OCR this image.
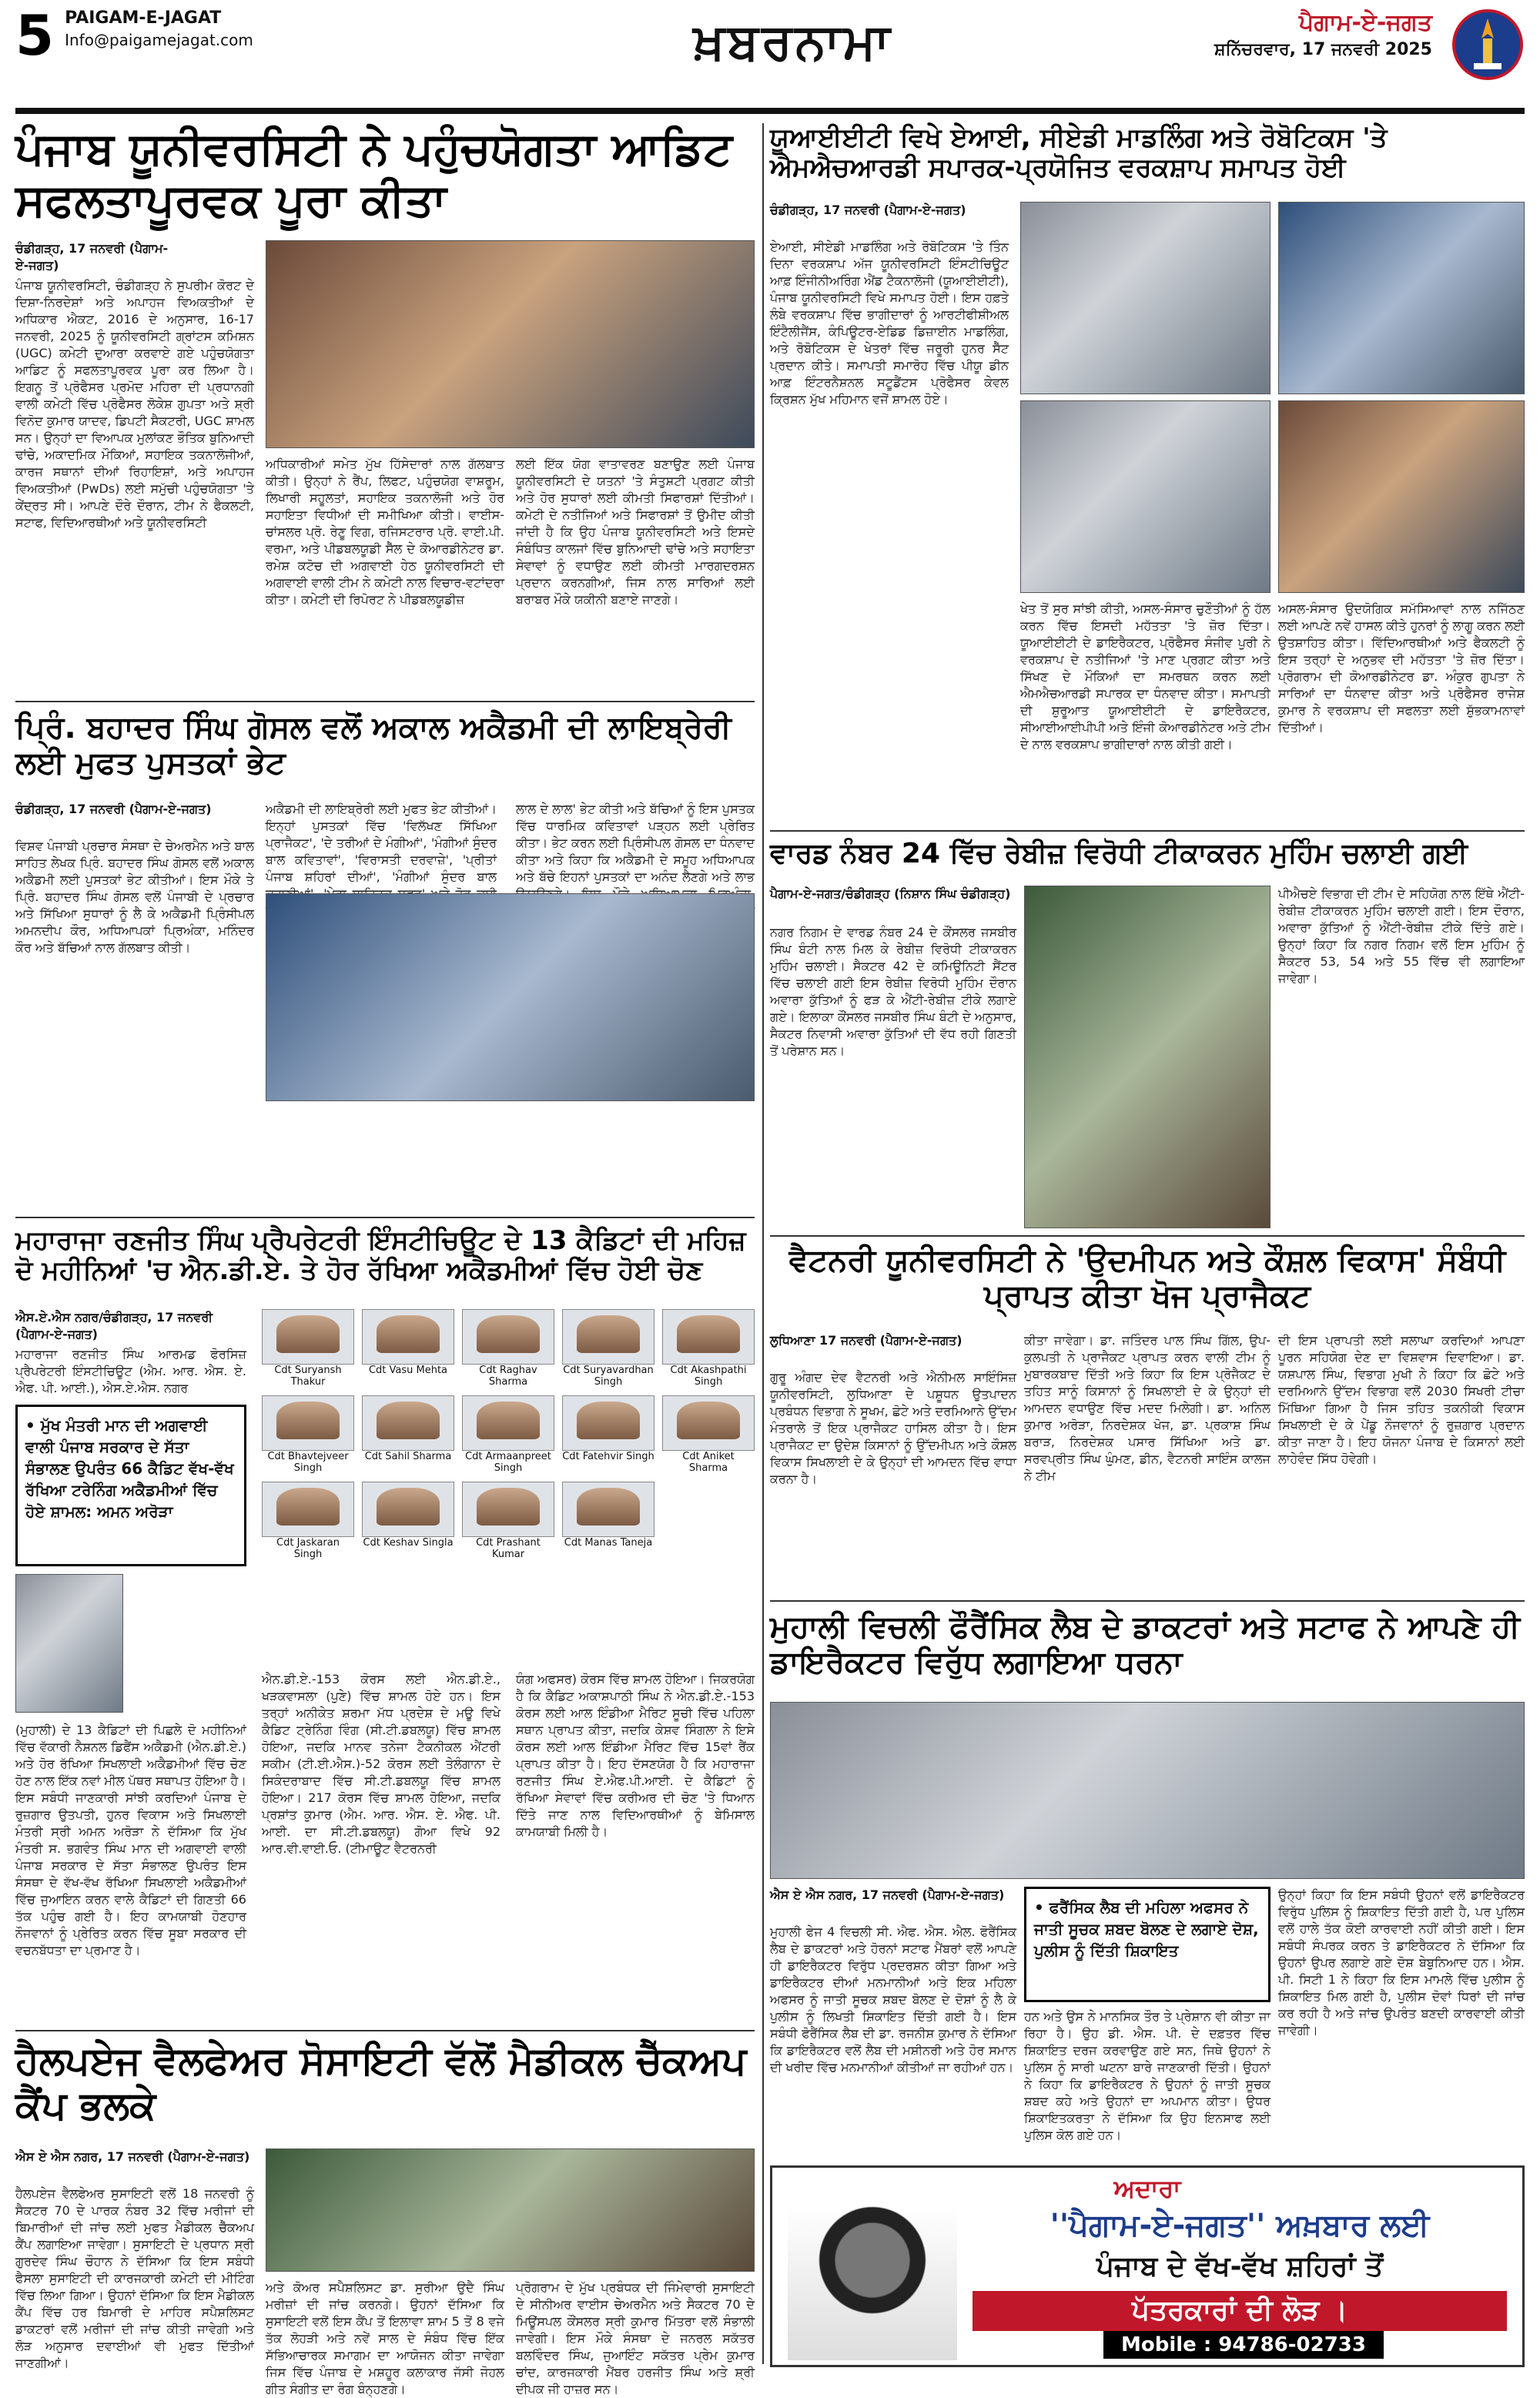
5 PAIGAM-E-JAGAT
Info@paigamejagat.com	ਖ਼ਬਰਨਾਮਾ	ਪੈਗਾਮ-ਏ-ਜਗਤ
ਸ਼ਨਿੱਚਰਵਾਰ, 17 ਜਨਵਰੀ 2025
ਪੰਜਾਬ ਯੂਨੀਵਰਸਿਟੀ ਨੇ ਪਹੁੰਚਯੋਗਤਾ ਆਡਿਟ ਸਫਲਤਾਪੂਰਵਕ ਪੂਰਾ ਕੀਤਾ
ਚੰਡੀਗੜ੍ਹ, 17 ਜਨਵਰੀ (ਪੈਗਾਮ-ਏ-ਜਗਤ)
ਪੰਜਾਬ ਯੂਨੀਵਰਸਿਟੀ, ਚੰਡੀਗੜ੍ਹ ਨੇ ਸੁਪਰੀਮ ਕੋਰਟ ਦੇ ਦਿਸ਼ਾ-ਨਿਰਦੇਸ਼ਾਂ ਅਤੇ ਅਪਾਹਜ ਵਿਅਕਤੀਆਂ ਦੇ ਅਧਿਕਾਰ ਐਕਟ, 2016 ਦੇ ਅਨੁਸਾਰ, 16-17 ਜਨਵਰੀ, 2025 ਨੂੰ ਯੂਨੀਵਰਸਿਟੀ ਗ੍ਰਾਂਟਸ ਕਮਿਸ਼ਨ (UGC) ਕਮੇਟੀ ਦੁਆਰਾ ਕਰਵਾਏ ਗਏ ਪਹੁੰਚਯੋਗਤਾ ਆਡਿਟ ਨੂੰ ਸਫਲਤਾਪੂਰਵਕ ਪੂਰਾ ਕਰ ਲਿਆ ਹੈ। ਇਗਨੂ ਤੋਂ ਪ੍ਰੋਫੈਸਰ ਪ੍ਰਮੋਦ ਮਹਿਰਾ ਦੀ ਪ੍ਰਧਾਨਗੀ ਵਾਲੀ ਕਮੇਟੀ ਵਿੱਚ ਪ੍ਰੋਫੈਸਰ ਲੋਕੇਸ਼ ਗੁਪਤਾ ਅਤੇ ਸ਼੍ਰੀ ਵਿਨੋਦ ਕੁਮਾਰ ਯਾਦਵ, ਡਿਪਟੀ ਸੈਕਟਰੀ, UGC ਸ਼ਾਮਲ ਸਨ। ਉਨ੍ਹਾਂ ਦਾ ਵਿਆਪਕ ਮੁਲਾਂਕਣ ਭੌਤਿਕ ਬੁਨਿਆਦੀ ਢਾਂਚੇ, ਅਕਾਦਮਿਕ ਮੌਕਿਆਂ, ਸਹਾਇਕ ਤਕਨਾਲੋਜੀਆਂ, ਕਾਰਜ ਸਥਾਨਾਂ ਦੀਆਂ ਰਿਹਾਇਸ਼ਾਂ, ਅਤੇ ਅਪਾਹਜ ਵਿਅਕਤੀਆਂ (PwDs) ਲਈ ਸਮੁੱਚੀ ਪਹੁੰਚਯੋਗਤਾ 'ਤੇ ਕੇਂਦ੍ਰਤ ਸੀ। ਆਪਣੇ ਦੌਰੇ ਦੌਰਾਨ, ਟੀਮ ਨੇ ਫੈਕਲਟੀ, ਸਟਾਫ, ਵਿਦਿਆਰਥੀਆਂ ਅਤੇ ਯੂਨੀਵਰਸਿਟੀ
ਅਧਿਕਾਰੀਆਂ ਸਮੇਤ ਮੁੱਖ ਹਿੱਸੇਦਾਰਾਂ ਨਾਲ ਗੱਲਬਾਤ ਕੀਤੀ। ਉਨ੍ਹਾਂ ਨੇ ਰੈਂਪ, ਲਿਫਟ, ਪਹੁੰਚਯੋਗ ਵਾਸ਼ਰੂਮ, ਲਿਖਾਰੀ ਸਹੂਲਤਾਂ, ਸਹਾਇਕ ਤਕਨਾਲੋਜੀ ਅਤੇ ਹੋਰ ਸਹਾਇਤਾ ਵਿਧੀਆਂ ਦੀ ਸਮੀਖਿਆ ਕੀਤੀ। ਵਾਈਸ-ਚਾਂਸਲਰ ਪ੍ਰੋ. ਰੇਣੂ ਵਿਗ, ਰਜਿਸਟਰਾਰ ਪ੍ਰੋ. ਵਾਈ.ਪੀ. ਵਰਮਾ, ਅਤੇ ਪੀਡਬਲਯੂਡੀ ਸੈੱਲ ਦੇ ਕੋਆਰਡੀਨੇਟਰ ਡਾ. ਰਮੇਸ਼ ਕਟੋਚ ਦੀ ਅਗਵਾਈ ਹੇਠ ਯੂਨੀਵਰਸਿਟੀ ਦੀ ਅਗਵਾਈ ਵਾਲੀ ਟੀਮ ਨੇ ਕਮੇਟੀ ਨਾਲ ਵਿਚਾਰ-ਵਟਾਂਦਰਾ ਕੀਤਾ। ਕਮੇਟੀ ਦੀ ਰਿਪੋਰਟ ਨੇ ਪੀਡਬਲਯੂਡੀਜ਼
ਲਈ ਇੱਕ ਯੋਗ ਵਾਤਾਵਰਣ ਬਣਾਉਣ ਲਈ ਪੰਜਾਬ ਯੂਨੀਵਰਸਿਟੀ ਦੇ ਯਤਨਾਂ 'ਤੇ ਸੰਤੁਸ਼ਟੀ ਪ੍ਰਗਟ ਕੀਤੀ ਅਤੇ ਹੋਰ ਸੁਧਾਰਾਂ ਲਈ ਕੀਮਤੀ ਸਿਫਾਰਸ਼ਾਂ ਦਿੱਤੀਆਂ। ਕਮੇਟੀ ਦੇ ਨਤੀਜਿਆਂ ਅਤੇ ਸਿਫਾਰਸ਼ਾਂ ਤੋਂ ਉਮੀਦ ਕੀਤੀ ਜਾਂਦੀ ਹੈ ਕਿ ਉਹ ਪੰਜਾਬ ਯੂਨੀਵਰਸਿਟੀ ਅਤੇ ਇਸਦੇ ਸੰਬੰਧਿਤ ਕਾਲਜਾਂ ਵਿੱਚ ਬੁਨਿਆਦੀ ਢਾਂਚੇ ਅਤੇ ਸਹਾਇਤਾ ਸੇਵਾਵਾਂ ਨੂੰ ਵਧਾਉਣ ਲਈ ਕੀਮਤੀ ਮਾਰਗਦਰਸ਼ਨ ਪ੍ਰਦਾਨ ਕਰਨਗੀਆਂ, ਜਿਸ ਨਾਲ ਸਾਰਿਆਂ ਲਈ ਬਰਾਬਰ ਮੌਕੇ ਯਕੀਨੀ ਬਣਾਏ ਜਾਣਗੇ।
ਪ੍ਰਿੰ. ਬਹਾਦਰ ਸਿੰਘ ਗੋਸਲ ਵਲੋਂ ਅਕਾਲ ਅਕੈਡਮੀ ਦੀ ਲਾਇਬ੍ਰੇਰੀ ਲਈ ਮੁਫਤ ਪੁਸਤਕਾਂ ਭੇਟ
ਚੰਡੀਗੜ੍ਹ, 17 ਜਨਵਰੀ (ਪੈਗਾਮ-ਏ-ਜਗਤ)
ਵਿਸ਼ਵ ਪੰਜਾਬੀ ਪ੍ਰਚਾਰ ਸੰਸਥਾ ਦੇ ਚੇਅਰਮੈਨ ਅਤੇ ਬਾਲ ਸਾਹਿਤ ਲੇਖਕ ਪ੍ਰਿੰ. ਬਹਾਦਰ ਸਿੰਘ ਗੋਸਲ ਵਲੋਂ ਅਕਾਲ ਅਕੈਡਮੀ ਲਈ ਪੁਸਤਕਾਂ ਭੇਟ ਕੀਤੀਆਂ। ਇਸ ਮੌਕੇ ਤੇ ਪ੍ਰਿੰ. ਬਹਾਦਰ ਸਿੰਘ ਗੋਸਲ ਵਲੋਂ ਪੰਜਾਬੀ ਦੇ ਪ੍ਰਚਾਰ ਅਤੇ ਸਿੱਖਿਆ ਸੁਧਾਰਾਂ ਨੂੰ ਲੈ ਕੇ ਅਕੈਡਮੀ ਪ੍ਰਿੰਸੀਪਲ ਅਮਨਦੀਪ ਕੌਰ, ਅਧਿਆਪਕਾਂ ਪ੍ਰਿਅੰਕਾ, ਮਨਿੰਦਰ ਕੌਰ ਅਤੇ ਬੱਚਿਆਂ ਨਾਲ ਗੱਲਬਾਤ ਕੀਤੀ।
ਅਕੈਡਮੀ ਦੀ ਲਾਇਬ੍ਰੇਰੀ ਲਈ ਮੁਫਤ ਭੇਟ ਕੀਤੀਆਂ। ਇਨ੍ਹਾਂ ਪੁਸਤਕਾਂ ਵਿੱਚ 'ਵਿਲੱਖਣ ਸਿੱਖਿਆ ਪ੍ਰਾਜੈਕਟ', 'ਦੇ ਤਰੀਆਂ ਦੇ ਮੰਗੀਆਂ', 'ਮੰਗੀਆਂ ਸੁੰਦਰ ਬਾਲ ਕਵਿਤਾਵਾਂ', 'ਵਿਰਾਸਤੀ ਦਰਵਾਜ਼ੇ', 'ਪ੍ਰੀਤਾਂ ਪੰਜਾਬ ਸ਼ਹਿਰਾਂ ਦੀਆਂ', 'ਮੰਗੀਆਂ ਸੁੰਦਰ ਬਾਲ
ਲਾਲ ਦੇ ਲਾਲ' ਭੇਟ ਕੀਤੀ ਅਤੇ ਬੱਚਿਆਂ ਨੂੰ ਇਸ ਪੁਸਤਕ ਵਿੱਚ ਧਾਰਮਿਕ ਕਵਿਤਾਵਾਂ ਪੜ੍ਹਨ ਲਈ ਪ੍ਰੇਰਿਤ ਕੀਤਾ। ਭੇਟ ਕਰਨ ਲਈ ਪ੍ਰਿੰਸੀਪਲ ਗੋਸਲ ਦਾ ਧੰਨਵਾਦ ਕੀਤਾ ਅਤੇ ਕਿਹਾ ਕਿ ਅਕੈਡਮੀ ਦੇ ਸਮੂਹ ਅਧਿਆਪਕ ਅਤੇ ਬੱਚੇ ਇਹਨਾਂ ਪੁਸਤਕਾਂ ਦਾ ਅਨੰਦ ਲੈਣਗੇ ਅਤੇ ਲਾਭ
ਮਹਾਰਾਜਾ ਰਣਜੀਤ ਸਿੰਘ ਪ੍ਰੈਪਰੇਟਰੀ ਇੰਸਟੀਚਿਊਟ ਦੇ 13 ਕੈਡਿਟਾਂ ਦੀ ਮਹਿਜ਼ ਦੋ ਮਹੀਨਿਆਂ 'ਚ ਐਨ.ਡੀ.ਏ. ਤੇ ਹੋਰ ਰੱਖਿਆ ਅਕੈਡਮੀਆਂ ਵਿੱਚ ਹੋਈ ਚੋਣ
ਐਸ.ਏ.ਐਸ ਨਗਰ/ਚੰਡੀਗੜ੍ਹ, 17 ਜਨਵਰੀ (ਪੈਗਾਮ-ਏ-ਜਗਤ)
ਮਹਾਰਾਜਾ ਰਣਜੀਤ ਸਿੰਘ ਆਰਮਡ ਫੋਰਸਿਜ਼ ਪ੍ਰੈਪਰੇਟਰੀ ਇੰਸਟੀਚਿਊਟ (ਐਮ. ਆਰ. ਐਸ. ਏ. ਐਫ. ਪੀ. ਆਈ.), ਐਸ.ਏ.ਐਸ. ਨਗਰ
• ਮੁੱਖ ਮੰਤਰੀ ਮਾਨ ਦੀ ਅਗਵਾਈ ਵਾਲੀ ਪੰਜਾਬ ਸਰਕਾਰ ਦੇ ਸੱਤਾ ਸੰਭਾਲਣ ਉਪਰੰਤ 66 ਕੈਡਿਟ ਵੱਖ-ਵੱਖ ਰੱਖਿਆ ਟਰੇਨਿੰਗ ਅਕੈਡਮੀਆਂ ਵਿੱਚ ਹੋਏ ਸ਼ਾਮਲ: ਅਮਨ ਅਰੋੜਾ
(ਮੁਹਾਲੀ) ਦੇ 13 ਕੈਡਿਟਾਂ ਦੀ ਪਿਛਲੇ ਦੋ ਮਹੀਨਿਆਂ ਵਿੱਚ ਵੱਕਾਰੀ ਨੈਸ਼ਨਲ ਡਿਫੈਂਸ ਅਕੈਡਮੀ (ਐਨ.ਡੀ.ਏ.) ਅਤੇ ਹੋਰ ਰੱਖਿਆ ਸਿਖਲਾਈ ਅਕੈਡਮੀਆਂ ਵਿੱਚ ਚੋਣ ਹੋਣ ਨਾਲ ਇੱਕ ਨਵਾਂ ਮੀਲ ਪੱਥਰ ਸਥਾਪਤ ਹੋਇਆ ਹੈ। ਇਸ ਸਬੰਧੀ ਜਾਣਕਾਰੀ ਸਾਂਝੀ ਕਰਦਿਆਂ ਪੰਜਾਬ ਦੇ ਰੁਜ਼ਗਾਰ ਉਤਪਤੀ, ਹੁਨਰ ਵਿਕਾਸ ਅਤੇ ਸਿਖਲਾਈ ਮੰਤਰੀ ਸ੍ਰੀ ਅਮਨ ਅਰੋੜਾ ਨੇ ਦੱਸਿਆ ਕਿ ਮੁੱਖ ਮੰਤਰੀ ਸ. ਭਗਵੰਤ ਸਿੰਘ ਮਾਨ ਦੀ ਅਗਵਾਈ ਵਾਲੀ ਪੰਜਾਬ ਸਰਕਾਰ ਦੇ ਸੱਤਾ ਸੰਭਾਲਣ ਉਪਰੰਤ ਇਸ ਸੰਸਥਾ ਦੇ ਵੱਖ-ਵੱਖ ਰੱਖਿਆ ਸਿਖਲਾਈ ਅਕੈਡਮੀਆਂ ਵਿੱਚ ਜੁਆਇਨ ਕਰਨ ਵਾਲੇ ਕੈਡਿਟਾਂ ਦੀ ਗਿਣਤੀ 66 ਤੱਕ ਪਹੁੰਚ ਗਈ ਹੈ। ਇਹ ਕਾਮਯਾਬੀ ਹੋਣਹਾਰ ਨੌਜਵਾਨਾਂ ਨੂੰ ਪ੍ਰੇਰਿਤ ਕਰਨ ਵਿੱਚ ਸੂਬਾ ਸਰਕਾਰ ਦੀ ਵਚਨਬੱਧਤਾ ਦਾ ਪ੍ਰਮਾਣ ਹੈ।
Cdt Suryansh Thakur
Cdt Vasu Mehta	Cdt Raghav Sharma
Cdt Suryavardhan Singh
Cdt Akashpathi Singh
Cdt Bhavtejveer Singh
Cdt Sahil Sharma	Cdt Armaanpreet Singh
Cdt Fatehvir Singh	Cdt Aniket Sharma
Cdt Jaskaran Singh
Cdt Keshav Singla	Cdt Prashant Kumar
Cdt Manas Taneja
ਐਨ.ਡੀ.ਏ.-153 ਕੋਰਸ ਲਈ ਐਨ.ਡੀ.ਏ., ਖੜਕਵਾਸਲਾ (ਪੁਣੇ) ਵਿੱਚ ਸ਼ਾਮਲ ਹੋਏ ਹਨ। ਇਸ ਤਰ੍ਹਾਂ ਅਨੀਕੇਤ ਸ਼ਰਮਾ ਮੱਧ ਪ੍ਰਦੇਸ਼ ਦੇ ਮਊ ਵਿਖੇ ਕੈਡਿਟ ਟ੍ਰੇਨਿੰਗ ਵਿੰਗ (ਸੀ.ਟੀ.ਡਬਲਯੂ) ਵਿੱਚ ਸ਼ਾਮਲ ਹੋਇਆ, ਜਦਕਿ ਮਾਨਵ ਤਨੇਜਾ ਟੈਕਨੀਕਲ ਐਂਟਰੀ ਸਕੀਮ (ਟੀ.ਈ.ਐਸ.)-52 ਕੋਰਸ ਲਈ ਤੇਲੰਗਾਨਾ ਦੇ ਸਿਕੰਦਰਾਬਾਦ ਵਿੱਚ ਸੀ.ਟੀ.ਡਬਲਯੂ ਵਿੱਚ ਸ਼ਾਮਲ ਹੋਇਆ। 217 ਕੋਰਸ ਵਿੱਚ ਸ਼ਾਮਲ ਹੋਇਆ, ਜਦਕਿ ਪ੍ਰਸ਼ਾਂਤ ਕੁਮਾਰ (ਐਮ. ਆਰ. ਐਸ. ਏ. ਐਫ. ਪੀ. ਆਈ. ਦਾ ਸੀ.ਟੀ.ਡਬਲਯੂ) ਗੋਆ ਵਿਖੇ 92 ਆਰ.ਵੀ.ਵਾਈ.ਓ. (ਟੀਮਾਊਟ ਵੈਟਰਨਰੀ
ਯੰਗ ਅਫਸਰ) ਕੋਰਸ ਵਿੱਚ ਸ਼ਾਮਲ ਹੋਇਆ। ਜਿਕਰਯੋਗ ਹੈ ਕਿ ਕੈਡਿਟ ਅਕਾਸ਼ਪਾਠੀ ਸਿੰਘ ਨੇ ਐਨ.ਡੀ.ਏ.-153 ਕੋਰਸ ਲਈ ਆਲ ਇੰਡੀਆ ਮੈਰਿਟ ਸੂਚੀ ਵਿੱਚ ਪਹਿਲਾ ਸਥਾਨ ਪ੍ਰਾਪਤ ਕੀਤਾ, ਜਦਕਿ ਕੇਸ਼ਵ ਸਿੰਗਲਾ ਨੇ ਇਸੇ ਕੋਰਸ ਲਈ ਆਲ ਇੰਡੀਆ ਮੈਰਿਟ ਵਿੱਚ 15ਵਾਂ ਰੈਂਕ ਪ੍ਰਾਪਤ ਕੀਤਾ ਹੈ। ਇਹ ਦੱਸਣਯੋਗ ਹੈ ਕਿ ਮਹਾਰਾਜਾ ਰਣਜੀਤ ਸਿੰਘ ਏ.ਐਫ.ਪੀ.ਆਈ. ਦੇ ਕੈਡਿਟਾਂ ਨੂੰ ਰੱਖਿਆ ਸੇਵਾਵਾਂ ਵਿੱਚ ਕਰੀਅਰ ਦੀ ਚੋਣ 'ਤੇ ਧਿਆਨ ਦਿੱਤੇ ਜਾਣ ਨਾਲ ਵਿਦਿਆਰਥੀਆਂ ਨੂੰ ਬੇਮਿਸਾਲ ਕਾਮਯਾਬੀ ਮਿਲੀ ਹੈ।
ਹੈਲਪਏਜ ਵੈਲਫੇਅਰ ਸੋਸਾਇਟੀ ਵੱਲੋਂ ਮੈਡੀਕਲ ਚੈੱਕਅਪ ਕੈਂਪ ਭਲਕੇ
ਐਸ ਏ ਐਸ ਨਗਰ, 17 ਜਨਵਰੀ (ਪੈਗਾਮ-ਏ-ਜਗਤ)
ਹੈਲਪਏਜ ਵੈਲਫੇਅਰ ਸੁਸਾਇਟੀ ਵਲੋਂ 18 ਜਨਵਰੀ ਨੂੰ ਸੈਕਟਰ 70 ਦੇ ਪਾਰਕ ਨੰਬਰ 32 ਵਿੱਚ ਮਰੀਜਾਂ ਦੀ ਬਿਮਾਰੀਆਂ ਦੀ ਜਾਂਚ ਲਈ ਮੁਫਤ ਮੈਡੀਕਲ ਚੈੱਕਅਪ ਕੈਂਪ ਲਗਾਇਆ ਜਾਵੇਗਾ। ਸੁਸਾਇਟੀ ਦੇ ਪ੍ਰਧਾਨ ਸ੍ਰੀ ਗੁਰਦੇਵ ਸਿੰਘ ਚੌਹਾਨ ਨੇ ਦੱਸਿਆ ਕਿ ਇਸ ਸਬੰਧੀ ਫੈਸਲਾ ਸੁਸਾਇਟੀ ਦੀ ਕਾਰਜਕਾਰੀ ਕਮੇਟੀ ਦੀ ਮੀਟਿੰਗ ਵਿੱਚ ਲਿਆ ਗਿਆ। ਉਹਨਾਂ ਦੱਸਿਆ ਕਿ ਇਸ ਮੈਡੀਕਲ ਕੈਂਪ ਵਿੱਚ ਹਰ ਬਿਮਾਰੀ ਦੇ ਮਾਹਿਰ ਸਪੈਸ਼ਲਿਸਟ ਡਾਕਟਰਾਂ ਵਲੋਂ ਮਰੀਜਾਂ ਦੀ ਜਾਂਚ ਕੀਤੀ ਜਾਵੇਗੀ ਅਤੇ ਲੋੜ ਅਨੁਸਾਰ ਦਵਾਈਆਂ ਵੀ ਮੁਫਤ ਦਿੱਤੀਆਂ ਜਾਣਗੀਆਂ।
ਅਤੇ ਕੋਅਰ ਸਪੈਸ਼ਲਿਸਟ ਡਾ. ਸੁਰੀਆ ਉਦੈ ਸਿੰਘ ਮਰੀਜ਼ਾਂ ਦੀ ਜਾਂਚ ਕਰਨਗੇ। ਉਹਨਾਂ ਦੱਸਿਆ ਕਿ ਸੁਸਾਇਟੀ ਵਲੋਂ ਇਸ ਕੈਂਪ ਤੋਂ ਇਲਾਵਾ ਸ਼ਾਮ 5 ਤੋਂ 8 ਵਜੇ ਤੱਕ ਲੋਹੜੀ ਅਤੇ ਨਵੇਂ ਸਾਲ ਦੇ ਸੰਬੰਧ ਵਿੱਚ ਇੱਕ ਸੱਭਿਆਚਾਰਕ ਸਮਾਗਮ ਦਾ ਆਯੋਜਨ ਕੀਤਾ ਜਾਵੇਗਾ ਜਿਸ ਵਿੱਚ ਪੰਜਾਬ ਦੇ ਮਸ਼ਹੂਰ ਕਲਾਕਾਰ ਜੱਸੀ ਜੋਹਲ ਗੀਤ ਸੰਗੀਤ ਦਾ ਰੰਗ ਬੰਨ੍ਹਣਗੇ।
ਪ੍ਰੋਗਰਾਮ ਦੇ ਮੁੱਖ ਪ੍ਰਬੰਧਕ ਦੀ ਜਿੰਮੇਵਾਰੀ ਸੁਸਾਇਟੀ ਦੇ ਸੀਨੀਅਰ ਵਾਈਸ ਚੇਅਰਮੈਨ ਅਤੇ ਸੈਕਟਰ 70 ਦੇ ਮਿਊਂਸਪਲ ਕੌਂਸਲਰ ਸ੍ਰੀ ਕੁਮਾਰ ਮਿੱਤਰਾ ਵਲੋਂ ਸੰਭਾਲੀ ਜਾਵੇਗੀ। ਇਸ ਮੌਕੇ ਸੰਸਥਾ ਦੇ ਜਨਰਲ ਸਕੱਤਰ ਬਲਵਿੰਦਰ ਸਿੰਘ, ਜੁਆਇੰਟ ਸਕੱਤਰ ਪ੍ਰੇਮ ਕੁਮਾਰ ਚਾਂਦ, ਕਾਰਜਕਾਰੀ ਮੈਂਬਰ ਹਰਜੀਤ ਸਿੰਘ ਅਤੇ ਸ਼੍ਰੀ ਦੀਪਕ ਜੀ ਹਾਜ਼ਰ ਸਨ।
ਯੂਆਈਈਟੀ ਵਿਖੇ ਏਆਈ, ਸੀਏਡੀ ਮਾਡਲਿੰਗ ਅਤੇ ਰੋਬੋਟਿਕਸ 'ਤੇ ਐਮਐਚਆਰਡੀ ਸਪਾਰਕ-ਪ੍ਰਯੋਜਿਤ ਵਰਕਸ਼ਾਪ ਸਮਾਪਤ ਹੋਈ
ਚੰਡੀਗੜ੍ਹ, 17 ਜਨਵਰੀ (ਪੈਗਾਮ-ਏ-ਜਗਤ)
ਏਆਈ, ਸੀਏਡੀ ਮਾਡਲਿੰਗ ਅਤੇ ਰੋਬੋਟਿਕਸ 'ਤੇ ਤਿੰਨ ਦਿਨਾ ਵਰਕਸ਼ਾਪ ਅੱਜ ਯੂਨੀਵਰਸਿਟੀ ਇੰਸਟੀਚਿਊਟ ਆਫ਼ ਇੰਜੀਨੀਅਰਿੰਗ ਐਂਡ ਟੈਕਨਾਲੋਜੀ (ਯੂਆਈਈਟੀ), ਪੰਜਾਬ ਯੂਨੀਵਰਸਿਟੀ ਵਿਖੇ ਸਮਾਪਤ ਹੋਈ। ਇਸ ਹਫ਼ਤੇ ਲੰਬੇ ਵਰਕਸ਼ਾਪ ਵਿੱਚ ਭਾਗੀਦਾਰਾਂ ਨੂੰ ਆਰਟੀਫੀਸ਼ੀਅਲ ਇੰਟੈਲੀਜੈਂਸ, ਕੰਪਿਊਟਰ-ਏਡਿਡ ਡਿਜ਼ਾਈਨ ਮਾਡਲਿੰਗ, ਅਤੇ ਰੋਬੋਟਿਕਸ ਦੇ ਖੇਤਰਾਂ ਵਿੱਚ ਜਰੂਰੀ ਹੁਨਰ ਸੈੱਟ ਪ੍ਰਦਾਨ ਕੀਤੇ। ਸਮਾਪਤੀ ਸਮਾਰੋਹ ਵਿੱਚ ਪੀਯੂ ਡੀਨ ਆਫ਼ ਇੰਟਰਨੈਸ਼ਨਲ ਸਟੂਡੈਂਟਸ ਪ੍ਰੋਫੈਸਰ ਕੇਵਲ ਕ੍ਰਿਸ਼ਨ ਮੁੱਖ ਮਹਿਮਾਨ ਵਜੋਂ ਸ਼ਾਮਲ ਹੋਏ।
ਖੇਤ ਤੋਂ ਸੁਰ ਸਾਂਝੀ ਕੀਤੀ, ਅਸਲ-ਸੰਸਾਰ ਚੁਣੌਤੀਆਂ ਨੂੰ ਹੱਲ ਕਰਨ ਵਿੱਚ ਇਸਦੀ ਮਹੱਤਤਾ 'ਤੇ ਜ਼ੋਰ ਦਿੱਤਾ। ਯੂਆਈਈਟੀ ਦੇ ਡਾਇਰੈਕਟਰ, ਪ੍ਰੋਫੈਸਰ ਸੰਜੀਵ ਪੁਰੀ ਨੇ ਵਰਕਸ਼ਾਪ ਦੇ ਨਤੀਜਿਆਂ 'ਤੇ ਮਾਣ ਪ੍ਰਗਟ ਕੀਤਾ ਅਤੇ ਸਿੱਖਣ ਦੇ ਮੌਕਿਆਂ ਦਾ ਸਮਰਥਨ ਕਰਨ ਲਈ ਐਮਐਚਆਰਡੀ ਸਪਾਰਕ ਦਾ ਧੰਨਵਾਦ ਕੀਤਾ। ਸਮਾਪਤੀ ਦੀ ਸ਼ੁਰੂਆਤ ਯੂਆਈਈਟੀ ਦੇ ਡਾਇਰੈਕਟਰ, ਸੀਆਈਆਈਪੀਪੀ ਅਤੇ ਇੰਜੀ ਕੋਆਰਡੀਨੇਟਰ ਅਤੇ ਟੀਮ ਦੇ ਨਾਲ ਵਰਕਸ਼ਾਪ ਭਾਗੀਦਾਰਾਂ ਨਾਲ ਕੀਤੀ ਗਈ।
ਅਸਲ-ਸੰਸਾਰ ਉਦਯੋਗਿਕ ਸਮੱਸਿਆਵਾਂ ਨਾਲ ਨਜਿੱਠਣ ਲਈ ਆਪਣੇ ਨਵੇਂ ਹਾਸਲ ਕੀਤੇ ਹੁਨਰਾਂ ਨੂੰ ਲਾਗੂ ਕਰਨ ਲਈ ਉਤਸ਼ਾਹਿਤ ਕੀਤਾ। ਵਿੱਦਿਆਰਥੀਆਂ ਅਤੇ ਫੈਕਲਟੀ ਨੂੰ ਇਸ ਤਰ੍ਹਾਂ ਦੇ ਅਨੁਭਵ ਦੀ ਮਹੱਤਤਾ 'ਤੇ ਜ਼ੋਰ ਦਿੱਤਾ। ਪ੍ਰੋਗਰਾਮ ਦੀ ਕੋਆਰਡੀਨੇਟਰ ਡਾ. ਅੰਕੁਰ ਗੁਪਤਾ ਨੇ ਸਾਰਿਆਂ ਦਾ ਧੰਨਵਾਦ ਕੀਤਾ ਅਤੇ ਪ੍ਰੋਫੈਸਰ ਰਾਜੇਸ਼ ਕੁਮਾਰ ਨੇ ਵਰਕਸ਼ਾਪ ਦੀ ਸਫਲਤਾ ਲਈ ਸ਼ੁੱਭਕਾਮਨਾਵਾਂ ਦਿੱਤੀਆਂ।
ਵਾਰਡ ਨੰਬਰ 24 ਵਿੱਚ ਰੇਬੀਜ਼ ਵਿਰੋਧੀ ਟੀਕਾਕਰਨ ਮੁਹਿੰਮ ਚਲਾਈ ਗਈ
ਪੈਗਾਮ-ਏ-ਜਗਤ/ਚੰਡੀਗੜ੍ਹ (ਨਿਸ਼ਾਨ ਸਿੰਘ ਚੰਡੀਗੜ੍ਹ)
ਨਗਰ ਨਿਗਮ ਦੇ ਵਾਰਡ ਨੰਬਰ 24 ਦੇ ਕੌਂਸਲਰ ਜਸਬੀਰ ਸਿੰਘ ਬੰਟੀ ਨਾਲ ਮਿਲ ਕੇ ਰੇਬੀਜ਼ ਵਿਰੋਧੀ ਟੀਕਾਕਰਨ ਮੁਹਿੰਮ ਚਲਾਈ। ਸੈਕਟਰ 42 ਦੇ ਕਮਿਊਨਿਟੀ ਸੈਂਟਰ ਵਿੱਚ ਚਲਾਈ ਗਈ ਇਸ ਰੇਬੀਜ਼ ਵਿਰੋਧੀ ਮੁਹਿੰਮ ਦੌਰਾਨ ਅਵਾਰਾ ਕੁੱਤਿਆਂ ਨੂੰ ਫੜ ਕੇ ਐਂਟੀ-ਰੇਬੀਜ਼ ਟੀਕੇ ਲਗਾਏ ਗਏ। ਇਲਾਕਾ ਕੌਂਸਲਰ ਜਸਬੀਰ ਸਿੰਘ ਬੰਟੀ ਦੇ ਅਨੁਸਾਰ, ਸੈਕਟਰ ਨਿਵਾਸੀ ਅਵਾਰਾ ਕੁੱਤਿਆਂ ਦੀ ਵੱਧ ਰਹੀ ਗਿਣਤੀ ਤੋਂ ਪਰੇਸ਼ਾਨ ਸਨ।
ਪੀਐਚਏ ਵਿਭਾਗ ਦੀ ਟੀਮ ਦੇ ਸਹਿਯੋਗ ਨਾਲ ਇੱਥੇ ਐਂਟੀ-ਰੇਬੀਜ਼ ਟੀਕਾਕਰਨ ਮੁਹਿੰਮ ਚਲਾਈ ਗਈ। ਇਸ ਦੌਰਾਨ, ਅਵਾਰਾ ਕੁੱਤਿਆਂ ਨੂੰ ਐਂਟੀ-ਰੇਬੀਜ਼ ਟੀਕੇ ਦਿੱਤੇ ਗਏ। ਉਨ੍ਹਾਂ ਕਿਹਾ ਕਿ ਨਗਰ ਨਿਗਮ ਵਲੋਂ ਇਸ ਮੁਹਿੰਮ ਨੂੰ ਸੈਕਟਰ 53, 54 ਅਤੇ 55 ਵਿੱਚ ਵੀ ਲਗਾਇਆ ਜਾਵੇਗਾ।
ਵੈਟਨਰੀ ਯੂਨੀਵਰਸਿਟੀ ਨੇ 'ਉਦਮੀਪਨ ਅਤੇ ਕੌਸ਼ਲ ਵਿਕਾਸ' ਸੰਬੰਧੀ ਪ੍ਰਾਪਤ ਕੀਤਾ ਖੋਜ ਪ੍ਰਾਜੈਕਟ
ਲੁਧਿਆਣਾ 17 ਜਨਵਰੀ (ਪੈਗਾਮ-ਏ-ਜਗਤ)
ਗੁਰੂ ਅੰਗਦ ਦੇਵ ਵੈਟਨਰੀ ਅਤੇ ਐਨੀਮਲ ਸਾਇੰਸਿਜ਼ ਯੂਨੀਵਰਸਿਟੀ, ਲੁਧਿਆਣਾ ਦੇ ਪਸ਼ੂਧਨ ਉਤਪਾਦਨ ਪ੍ਰਬੰਧਨ ਵਿਭਾਗ ਨੇ ਸੂਖਮ, ਛੋਟੇ ਅਤੇ ਦਰਮਿਆਨੇ ਉੱਦਮ ਮੰਤਰਾਲੇ ਤੋਂ ਇਕ ਪ੍ਰਾਜੈਕਟ ਹਾਸਿਲ ਕੀਤਾ ਹੈ। ਇਸ ਪ੍ਰਾਜੈਕਟ ਦਾ ਉਦੇਸ਼ ਕਿਸਾਨਾਂ ਨੂੰ ਉੱਦਮੀਪਨ ਅਤੇ ਕੌਸ਼ਲ ਵਿਕਾਸ ਸਿਖਲਾਈ ਦੇ ਕੇ ਉਨ੍ਹਾਂ ਦੀ ਆਮਦਨ ਵਿੱਚ ਵਾਧਾ ਕਰਨਾ ਹੈ।
ਕੀਤਾ ਜਾਵੇਗਾ। ਡਾ. ਜਤਿੰਦਰ ਪਾਲ ਸਿੰਘ ਗਿੱਲ, ਉਪ-ਕੁਲਪਤੀ ਨੇ ਪ੍ਰਾਜੈਕਟ ਪ੍ਰਾਪਤ ਕਰਨ ਵਾਲੀ ਟੀਮ ਨੂੰ ਮੁਬਾਰਕਬਾਦ ਦਿੱਤੀ ਅਤੇ ਕਿਹਾ ਕਿ ਇਸ ਪ੍ਰੋਜੈਕਟ ਦੇ ਤਹਿਤ ਸਾਨੂੰ ਕਿਸਾਨਾਂ ਨੂੰ ਸਿਖਲਾਈ ਦੇ ਕੇ ਉਨ੍ਹਾਂ ਦੀ ਆਮਦਨ ਵਧਾਉਣ ਵਿੱਚ ਮਦਦ ਮਿਲੇਗੀ। ਡਾ. ਅਨਿਲ ਕੁਮਾਰ ਅਰੋੜਾ, ਨਿਰਦੇਸ਼ਕ ਖੋਜ, ਡਾ. ਪ੍ਰਕਾਸ਼ ਸਿੰਘ ਬਰਾੜ, ਨਿਰਦੇਸ਼ਕ ਪਸਾਰ ਸਿੱਖਿਆ ਅਤੇ ਡਾ. ਸਰਵਪ੍ਰੀਤ ਸਿੰਘ ਘੁੰਮਣ, ਡੀਨ, ਵੈਟਨਰੀ ਸਾਇੰਸ ਕਾਲਜ ਨੇ ਟੀਮ
ਦੀ ਇਸ ਪ੍ਰਾਪਤੀ ਲਈ ਸਲਾਘਾ ਕਰਦਿਆਂ ਆਪਣਾ ਪੂਰਨ ਸਹਿਯੋਗ ਦੇਣ ਦਾ ਵਿਸ਼ਵਾਸ ਦਿਵਾਇਆ। ਡਾ. ਯਸ਼ਪਾਲ ਸਿੰਘ, ਵਿਭਾਗ ਮੁਖੀ ਨੇ ਕਿਹਾ ਕਿ ਛੋਟੇ ਅਤੇ ਦਰਮਿਆਨੇ ਉੱਦਮ ਵਿਭਾਗ ਵਲੋਂ 2030 ਸਿਖਰੀ ਟੀਚਾ ਮਿੱਥਿਆ ਗਿਆ ਹੈ ਜਿਸ ਤਹਿਤ ਤਕਨੀਕੀ ਵਿਕਾਸ ਸਿਖਲਾਈ ਦੇ ਕੇ ਪੇਂਡੂ ਨੌਜਵਾਨਾਂ ਨੂੰ ਰੁਜ਼ਗਾਰ ਪ੍ਰਦਾਨ ਕੀਤਾ ਜਾਣਾ ਹੈ। ਇਹ ਯੋਜਨਾ ਪੰਜਾਬ ਦੇ ਕਿਸਾਨਾਂ ਲਈ ਲਾਹੇਵੰਦ ਸਿੱਧ ਹੋਵੇਗੀ।
ਮੁਹਾਲੀ ਵਿਚਲੀ ਫੌਰੈਂਸਿਕ ਲੈਬ ਦੇ ਡਾਕਟਰਾਂ ਅਤੇ ਸਟਾਫ ਨੇ ਆਪਣੇ ਹੀ ਡਾਇਰੈਕਟਰ ਵਿਰੁੱਧ ਲਗਾਇਆ ਧਰਨਾ
ਐਸ ਏ ਐਸ ਨਗਰ, 17 ਜਨਵਰੀ (ਪੈਗਾਮ-ਏ-ਜਗਤ)
ਮੁਹਾਲੀ ਫੇਜ 4 ਵਿਚਲੀ ਸੀ. ਐਫ. ਐਸ. ਐਲ. ਫੋਰੈਂਸਿਕ ਲੈਬ ਦੇ ਡਾਕਟਰਾਂ ਅਤੇ ਹੋਰਨਾਂ ਸਟਾਫ ਮੈਂਬਰਾਂ ਵਲੋਂ ਆਪਣੇ ਹੀ ਡਾਇਰੈਕਟਰ ਵਿਰੁੱਧ ਪ੍ਰਦਰਸ਼ਨ ਕੀਤਾ ਗਿਆ ਅਤੇ ਡਾਇਰੈਕਟਰ ਦੀਆਂ ਮਨਮਾਨੀਆਂ ਅਤੇ ਇਕ ਮਹਿਲਾ ਅਫਸਰ ਨੂੰ ਜਾਤੀ ਸੂਚਕ ਸ਼ਬਦ ਬੋਲਣ ਦੇ ਦੋਸ਼ਾਂ ਨੂੰ ਲੈ ਕੇ ਪੁਲੀਸ ਨੂੰ ਲਿਖਤੀ ਸ਼ਿਕਾਇਤ ਦਿੱਤੀ ਗਈ ਹੈ। ਇਸ ਸਬੰਧੀ ਫੋਰੈਂਸਿਕ ਲੈਬ ਦੀ ਡਾ. ਰਜਨੀਸ਼ ਕੁਮਾਰ ਨੇ ਦੱਸਿਆ ਕਿ ਡਾਇਰੈਕਟਰ ਵਲੋਂ ਲੈਬ ਦੀ ਮਸ਼ੀਨਰੀ ਅਤੇ ਹੋਰ ਸਮਾਨ ਦੀ ਖਰੀਦ ਵਿੱਚ ਮਨਮਾਨੀਆਂ ਕੀਤੀਆਂ ਜਾ ਰਹੀਆਂ ਹਨ।
• ਫਰੈਂਸਿਕ ਲੈਬ ਦੀ ਮਹਿਲਾ ਅਫਸਰ ਨੇ ਜਾਤੀ ਸੂਚਕ ਸ਼ਬਦ ਬੋਲਣ ਦੇ ਲਗਾਏ ਦੋਸ਼, ਪੁਲੀਸ ਨੂੰ ਦਿੱਤੀ ਸ਼ਿਕਾਇਤ
ਹਨ ਅਤੇ ਉਸ ਨੇ ਮਾਨਸਿਕ ਤੌਰ ਤੇ ਪ੍ਰੇਸ਼ਾਨ ਵੀ ਕੀਤਾ ਜਾ ਰਿਹਾ ਹੈ। ਉਹ ਡੀ. ਐਸ. ਪੀ. ਦੇ ਦਫ਼ਤਰ ਵਿੱਚ ਸ਼ਿਕਾਇਤ ਦਰਜ ਕਰਵਾਉਣ ਗਏ ਸਨ, ਜਿਥੇ ਉਹਨਾਂ ਨੇ ਪੁਲਿਸ ਨੂੰ ਸਾਰੀ ਘਟਨਾ ਬਾਰੇ ਜਾਣਕਾਰੀ ਦਿੱਤੀ। ਉਹਨਾਂ ਨੇ ਕਿਹਾ ਕਿ ਡਾਇਰੈਕਟਰ ਨੇ ਉਹਨਾਂ ਨੂੰ ਜਾਤੀ ਸੂਚਕ ਸ਼ਬਦ ਕਹੇ ਅਤੇ ਉਹਨਾਂ ਦਾ ਅਪਮਾਨ ਕੀਤਾ। ਉਧਰ ਸ਼ਿਕਾਇਤਕਰਤਾ ਨੇ ਦੱਸਿਆ ਕਿ ਉਹ ਇਨਸਾਫ ਲਈ ਪੁਲਿਸ ਕੋਲ ਗਏ ਹਨ।
ਉਨ੍ਹਾਂ ਕਿਹਾ ਕਿ ਇਸ ਸਬੰਧੀ ਉਹਨਾਂ ਵਲੋਂ ਡਾਇਰੈਕਟਰ ਵਿਰੁੱਧ ਪੁਲਿਸ ਨੂੰ ਸ਼ਿਕਾਇਤ ਦਿੱਤੀ ਗਈ ਹੈ, ਪਰ ਪੁਲਿਸ ਵਲੋਂ ਹਾਲੇ ਤੱਕ ਕੋਈ ਕਾਰਵਾਈ ਨਹੀਂ ਕੀਤੀ ਗਈ। ਇਸ ਸਬੰਧੀ ਸੰਪਰਕ ਕਰਨ ਤੇ ਡਾਇਰੈਕਟਰ ਨੇ ਦੱਸਿਆ ਕਿ ਉਹਨਾਂ ਉਪਰ ਲਗਾਏ ਗਏ ਦੋਸ਼ ਬੇਬੁਨਿਆਦ ਹਨ। ਐਸ. ਪੀ. ਸਿਟੀ 1 ਨੇ ਕਿਹਾ ਕਿ ਇਸ ਮਾਮਲੇ ਵਿੱਚ ਪੁਲੀਸ ਨੂੰ ਸ਼ਿਕਾਇਤ ਮਿਲ ਗਈ ਹੈ, ਪੁਲੀਸ ਦੋਵਾਂ ਧਿਰਾਂ ਦੀ ਜਾਂਚ ਕਰ ਰਹੀ ਹੈ ਅਤੇ ਜਾਂਚ ਉਪਰੰਤ ਬਣਦੀ ਕਾਰਵਾਈ ਕੀਤੀ ਜਾਵੇਗੀ।
ਅਦਾਰਾ
''ਪੈਗਾਮ-ਏ-ਜਗਤ'' ਅਖ਼ਬਾਰ ਲਈ
ਪੰਜਾਬ ਦੇ ਵੱਖ-ਵੱਖ ਸ਼ਹਿਰਾਂ ਤੋਂ
ਪੱਤਰਕਾਰਾਂ ਦੀ ਲੋੜ ।
Mobile : 94786-02733
